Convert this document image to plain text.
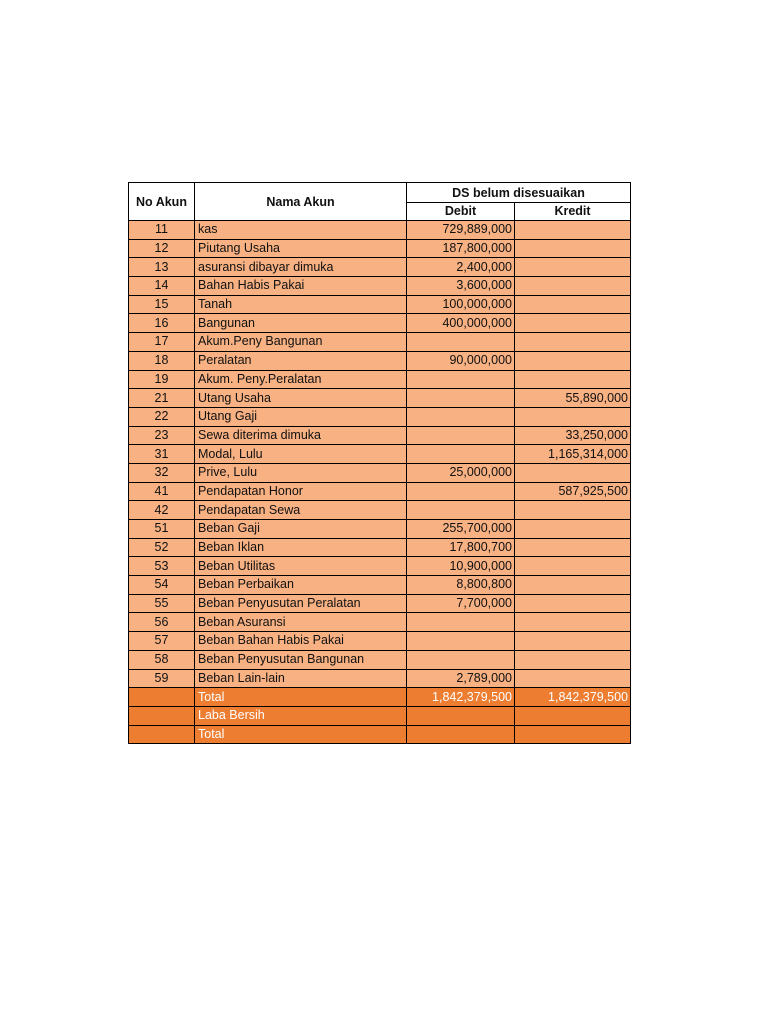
No Akun	Nama Akun	DS belum disesuaikan	
		Debit	Kredit
11	kas	729,889,000	
12	Piutang Usaha	187,800,000	
13	asuransi dibayar dimuka	2,400,000	
14	Bahan Habis Pakai	3,600,000	
15	Tanah	100,000,000	
16	Bangunan	400,000,000	
17	Akum.Peny Bangunan		
18	Peralatan	90,000,000	
19	Akum. Peny.Peralatan		
21	Utang Usaha		55,890,000
22	Utang Gaji		
23	Sewa diterima dimuka		33,250,000
31	Modal, Lulu		1,165,314,000
32	Prive, Lulu	25,000,000	
41	Pendapatan Honor		587,925,500
42	Pendapatan Sewa		
51	Beban Gaji	255,700,000	
52	Beban Iklan	17,800,700	
53	Beban Utilitas	10,900,000	
54	Beban Perbaikan	8,800,800	
55	Beban Penyusutan Peralatan	7,700,000	
56	Beban Asuransi		
57	Beban Bahan Habis Pakai		
58	Beban Penyusutan Bangunan		
59	Beban Lain-lain	2,789,000	
	Total	1,842,379,500	1,842,379,500
	Laba Bersih		
	Total		
